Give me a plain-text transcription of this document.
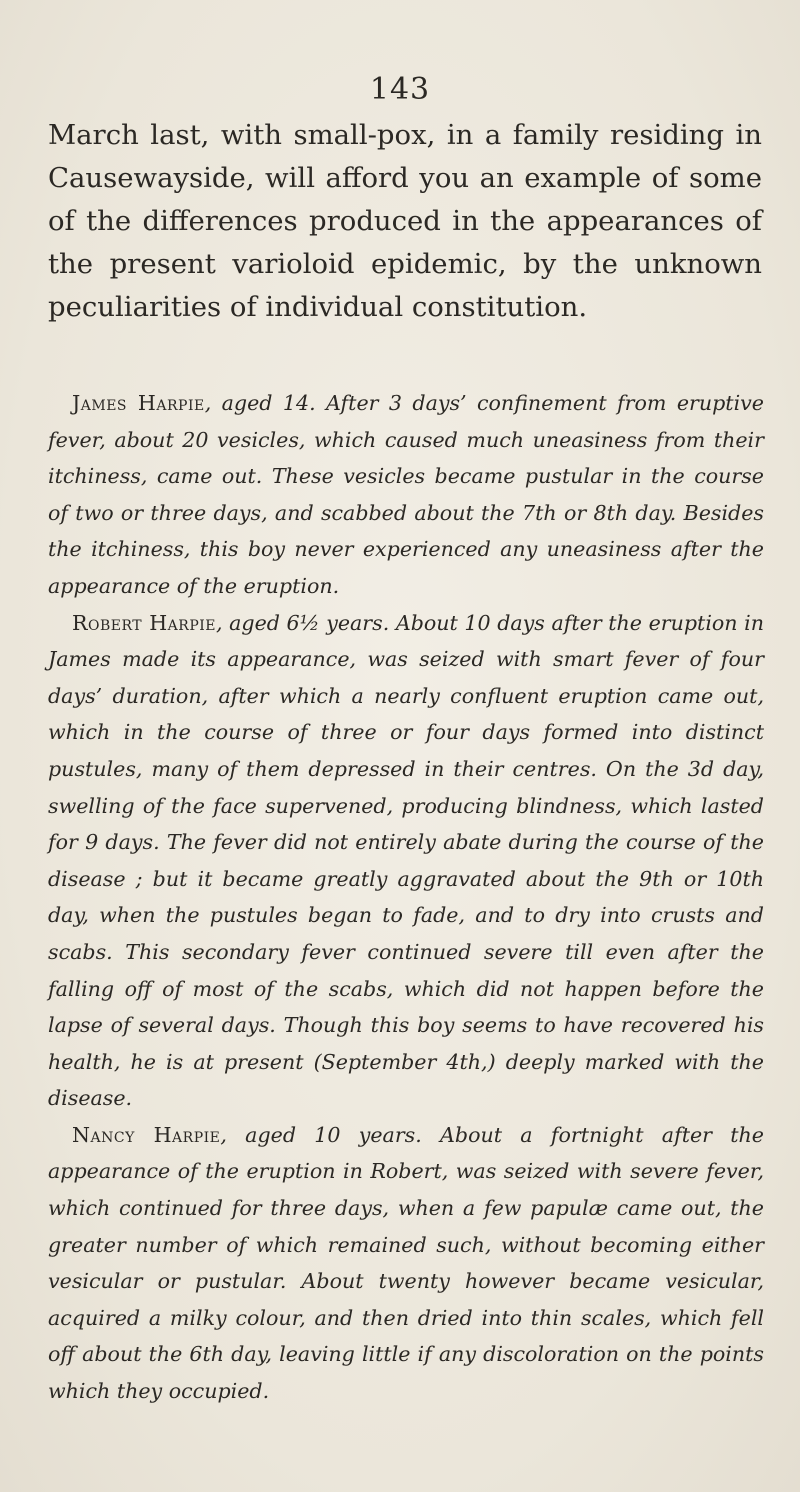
143

March last, with small-pox, in a family residing in Causewayside, will afford you an example of some of the differences produced in the appearances of the present varioloid epidemic, by the unknown peculiarities of individual constitution.

James Harpie, aged 14. After 3 days’ confinement from eruptive fever, about 20 vesicles, which caused much uneasiness from their itchiness, came out. These vesicles became pustular in the course of two or three days, and scabbed about the 7th or 8th day. Besides the itchiness, this boy never experienced any uneasiness after the appearance of the eruption.

Robert Harpie, aged 6½ years. About 10 days after the eruption in James made its appearance, was seized with smart fever of four days’ duration, after which a nearly confluent eruption came out, which in the course of three or four days formed into distinct pustules, many of them depressed in their centres. On the 3d day, swelling of the face supervened, producing blindness, which lasted for 9 days. The fever did not entirely abate during the course of the disease ; but it became greatly aggravated about the 9th or 10th day, when the pustules began to fade, and to dry into crusts and scabs. This secondary fever continued severe till even after the falling off of most of the scabs, which did not happen before the lapse of several days. Though this boy seems to have recovered his health, he is at present (September 4th,) deeply marked with the disease.

Nancy Harpie, aged 10 years. About a fortnight after the appearance of the eruption in Robert, was seized with severe fever, which continued for three days, when a few papulæ came out, the greater number of which remained such, without becoming either vesicular or pustular. About twenty however became vesicular, acquired a milky colour, and then dried into thin scales, which fell off about the 6th day, leaving little if any discoloration on the points which they occupied.
